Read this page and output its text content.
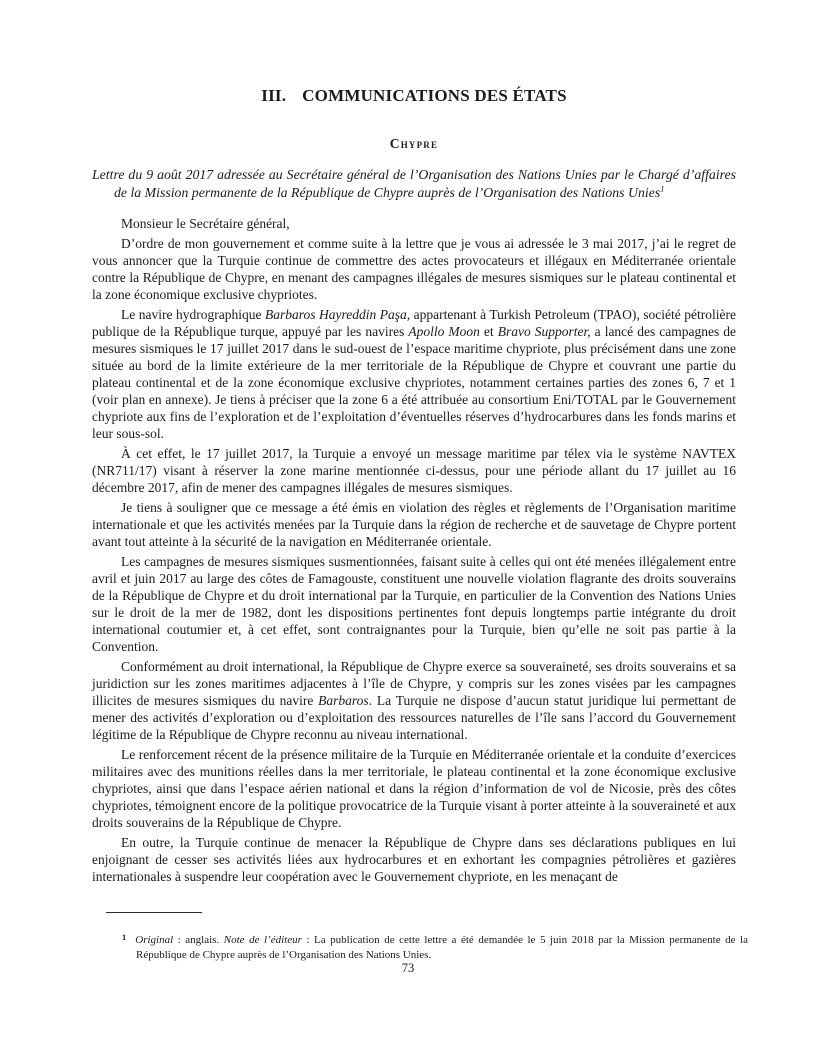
III. COMMUNICATIONS DES ÉTATS
Chypre

Lettre du 9 août 2017 adressée au Secrétaire général de l’Organisation des Nations Unies par le Chargé d’affaires de la Mission permanente de la République de Chypre auprès de l’Organisation des Nations Unies$^1$

Monsieur le Secrétaire général,

D’ordre de mon gouvernement et comme suite à la lettre que je vous ai adressée le 3 mai 2017, j’ai le regret de vous annoncer que la Turquie continue de commettre des actes provocateurs et illégaux en Méditerranée orientale contre la République de Chypre, en menant des campagnes illégales de mesures sismiques sur le plateau continental et la zone économique exclusive chypriotes.

Le navire hydrographique Barbaros Hayreddin Paşa, appartenant à Turkish Petroleum (TPAO), société pétrolière publique de la République turque, appuyé par les navires Apollo Moon et Bravo Supporter, a lancé des campagnes de mesures sismiques le 17 juillet 2017 dans le sud-ouest de l’espace maritime chypriote, plus précisément dans une zone située au bord de la limite extérieure de la mer territoriale de la République de Chypre et couvrant une partie du plateau continental et de la zone économique exclusive chypriotes, notamment certaines parties des zones 6, 7 et 1 (voir plan en annexe). Je tiens à préciser que la zone 6 a été attribuée au consortium Eni/TOTAL par le Gouvernement chypriote aux fins de l’exploration et de l’exploitation d’éventuelles réserves d’hydrocarbures dans les fonds marins et leur sous-sol.

À cet effet, le 17 juillet 2017, la Turquie a envoyé un message maritime par télex via le système NAVTEX (NR711/17) visant à réserver la zone marine mentionnée ci-dessus, pour une période allant du 17 juillet au 16 décembre 2017, afin de mener des campagnes illégales de mesures sismiques.

Je tiens à souligner que ce message a été émis en violation des règles et règlements de l’Organisation maritime internationale et que les activités menées par la Turquie dans la région de recherche et de sauvetage de Chypre portent avant tout atteinte à la sécurité de la navigation en Méditerranée orientale.

Les campagnes de mesures sismiques susmentionnées, faisant suite à celles qui ont été menées illégalement entre avril et juin 2017 au large des côtes de Famagouste, constituent une nouvelle violation flagrante des droits souverains de la République de Chypre et du droit international par la Turquie, en particulier de la Convention des Nations Unies sur le droit de la mer de 1982, dont les dispositions pertinentes font depuis longtemps partie intégrante du droit international coutumier et, à cet effet, sont contraignantes pour la Turquie, bien qu’elle ne soit pas partie à la Convention.

Conformément au droit international, la République de Chypre exerce sa souveraineté, ses droits souverains et sa juridiction sur les zones maritimes adjacentes à l’île de Chypre, y compris sur les zones visées par les campagnes illicites de mesures sismiques du navire Barbaros. La Turquie ne dispose d’aucun statut juridique lui permettant de mener des activités d’exploration ou d’exploitation des ressources naturelles de l’île sans l’accord du Gouvernement légitime de la République de Chypre reconnu au niveau international.

Le renforcement récent de la présence militaire de la Turquie en Méditerranée orientale et la conduite d’exercices militaires avec des munitions réelles dans la mer territoriale, le plateau continental et la zone économique exclusive chypriotes, ainsi que dans l’espace aérien national et dans la région d’information de vol de Nicosie, près des côtes chypriotes, témoignent encore de la politique provocatrice de la Turquie visant à porter atteinte à la souveraineté et aux droits souverains de la République de Chypre.

En outre, la Turquie continue de menacer la République de Chypre dans ses déclarations publiques en lui enjoignant de cesser ses activités liées aux hydrocarbures et en exhortant les compagnies pétrolières et gazières internationales à suspendre leur coopération avec le Gouvernement chypriote, en les menaçant de

$^1$ Original : anglais. Note de l’éditeur : La publication de cette lettre a été demandée le 5 juin 2018 par la Mission permanente de la République de Chypre auprès de l’Organisation des Nations Unies.

73
